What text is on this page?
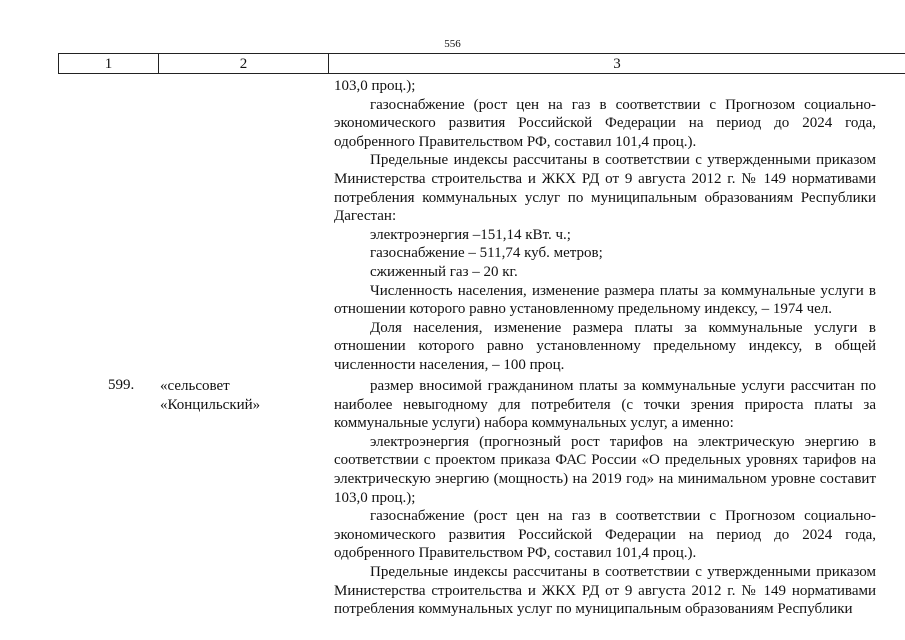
556
1	2	3

103,0 проц.);

газоснабжение (рост цен на газ в соответствии с Прогнозом социально-экономического развития Российской Федерации на период до 2024 года, одобренного Правительством РФ, составил 101,4 проц.).

Предельные индексы рассчитаны в соответствии с утвержденными приказом Министерства строительства и ЖКХ РД от 9 августа 2012 г. № 149 нормативами потребления коммунальных услуг по муниципальным образованиям Республики Дагестан:

электроэнергия –151,14 кВт. ч.;

газоснабжение – 511,74 куб. метров;

сжиженный газ – 20 кг.

Численность населения, изменение размера платы за коммунальные услуги в отношении которого равно установленному предельному индексу, – 1974 чел.

Доля населения, изменение размера платы за коммунальные услуги в отношении которого равно установленному предельному индексу, в общей численности населения, – 100 проц.

599. «сельсовет
«Концильский»

размер вносимой гражданином платы за коммунальные услуги рассчитан по наиболее невыгодному для потребителя (с точки зрения прироста платы за коммунальные услуги) набора коммунальных услуг, а именно:

электроэнергия (прогнозный рост тарифов на электрическую энергию в соответствии с проектом приказа ФАС России «О предельных уровнях тарифов на электрическую энергию (мощность) на 2019 год» на минимальном уровне составит 103,0 проц.);

газоснабжение (рост цен на газ в соответствии с Прогнозом социально-экономического развития Российской Федерации на период до 2024 года, одобренного Правительством РФ, составил 101,4 проц.).

Предельные индексы рассчитаны в соответствии с утвержденными приказом Министерства строительства и ЖКХ РД от 9 августа 2012 г. № 149 нормативами потребления коммунальных услуг по муниципальным образованиям Республики
